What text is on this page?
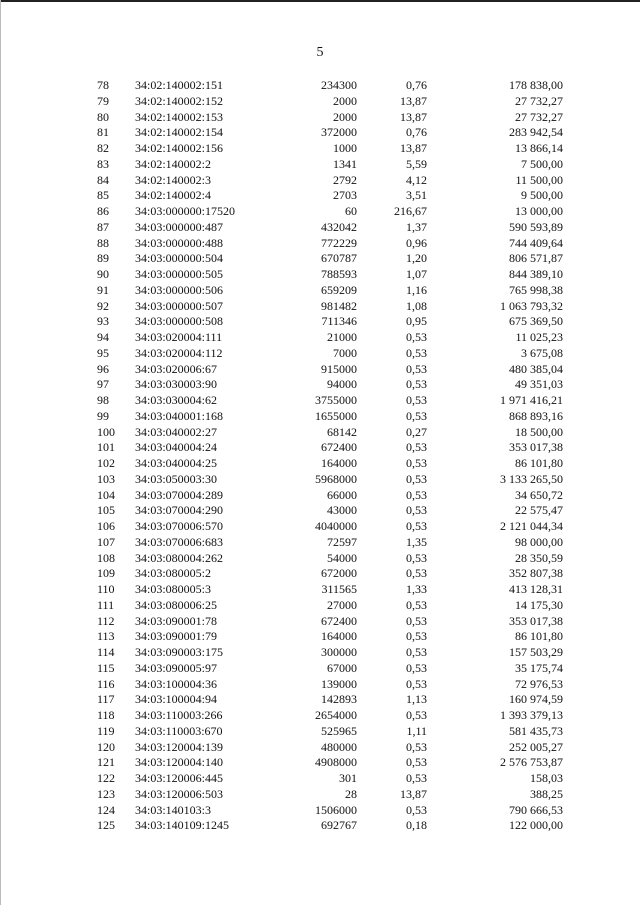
5
78	34:02:140002:151	234300	0,76	178 838,00
79	34:02:140002:152	2000	13,87	27 732,27
80	34:02:140002:153	2000	13,87	27 732,27
81	34:02:140002:154	372000	0,76	283 942,54
82	34:02:140002:156	1000	13,87	13 866,14
83	34:02:140002:2	1341	5,59	7 500,00
84	34:02:140002:3	2792	4,12	11 500,00
85	34:02:140002:4	2703	3,51	9 500,00
86	34:03:000000:17520	60	216,67	13 000,00
87	34:03:000000:487	432042	1,37	590 593,89
88	34:03:000000:488	772229	0,96	744 409,64
89	34:03:000000:504	670787	1,20	806 571,87
90	34:03:000000:505	788593	1,07	844 389,10
91	34:03:000000:506	659209	1,16	765 998,38
92	34:03:000000:507	981482	1,08	1 063 793,32
93	34:03:000000:508	711346	0,95	675 369,50
94	34:03:020004:111	21000	0,53	11 025,23
95	34:03:020004:112	7000	0,53	3 675,08
96	34:03:020006:67	915000	0,53	480 385,04
97	34:03:030003:90	94000	0,53	49 351,03
98	34:03:030004:62	3755000	0,53	1 971 416,21
99	34:03:040001:168	1655000	0,53	868 893,16
100	34:03:040002:27	68142	0,27	18 500,00
101	34:03:040004:24	672400	0,53	353 017,38
102	34:03:040004:25	164000	0,53	86 101,80
103	34:03:050003:30	5968000	0,53	3 133 265,50
104	34:03:070004:289	66000	0,53	34 650,72
105	34:03:070004:290	43000	0,53	22 575,47
106	34:03:070006:570	4040000	0,53	2 121 044,34
107	34:03:070006:683	72597	1,35	98 000,00
108	34:03:080004:262	54000	0,53	28 350,59
109	34:03:080005:2	672000	0,53	352 807,38
110	34:03:080005:3	311565	1,33	413 128,31
111	34:03:080006:25	27000	0,53	14 175,30
112	34:03:090001:78	672400	0,53	353 017,38
113	34:03:090001:79	164000	0,53	86 101,80
114	34:03:090003:175	300000	0,53	157 503,29
115	34:03:090005:97	67000	0,53	35 175,74
116	34:03:100004:36	139000	0,53	72 976,53
117	34:03:100004:94	142893	1,13	160 974,59
118	34:03:110003:266	2654000	0,53	1 393 379,13
119	34:03:110003:670	525965	1,11	581 435,73
120	34:03:120004:139	480000	0,53	252 005,27
121	34:03:120004:140	4908000	0,53	2 576 753,87
122	34:03:120006:445	301	0,53	158,03
123	34:03:120006:503	28	13,87	388,25
124	34:03:140103:3	1506000	0,53	790 666,53
125	34:03:140109:1245	692767	0,18	122 000,00
